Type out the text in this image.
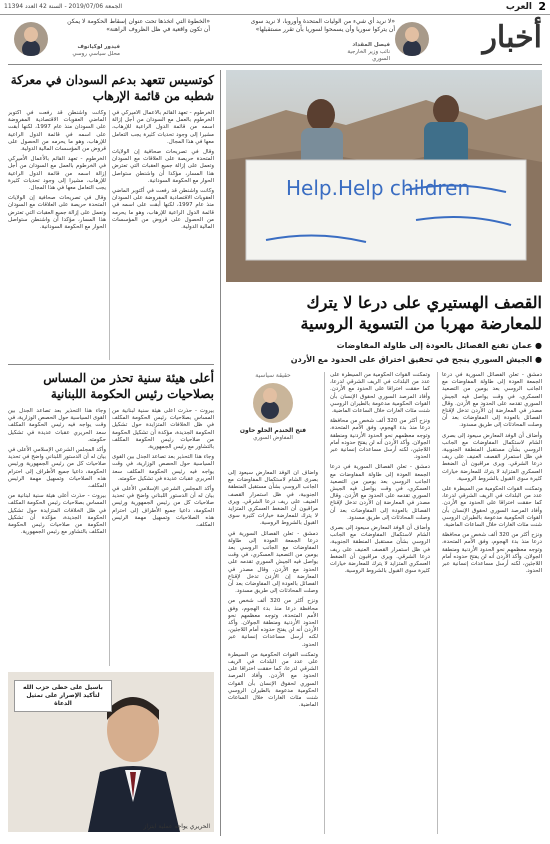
2
العرب
الجمعة 2019/07/06 - السنة 42 العدد 11394
أخبار
«لا نريد أي شيء من الوليات المتحدة وأوروبا، لا نريد سوى أن يتركوا سوريا وأن يسمحوا لسوريا بأن تقرر مستقبلها»
فيصل المقداد
نائب وزير الخارجية السوري
«الخطوة التي اتخذها تحت عنوان إسقاط الحكومة لا يمكن أن تكون واقعية في ظل الظروف الراهنة»
فيدور لوكيانوف
محلل سياسي روسي
Help.Help children
القصف الهستيري على درعا لا يترك للمعارضة مهربا من التسوية الروسية
● عمان تقنع الفصائل بالعودة إلى طاولة المفاوضات
● الجيش السوري ينجح في تحقيق اختراق على الحدود مع الأردن

دمشق - تعلن الفصائل السورية في درعا الجمعة العودة إلى طاولة المفاوضات مع الجانب الروسي بعد يومين من التصعيد العسكري، في وقت يواصل فيه الجيش السوري تقدمه على الحدود مع الأردن. وقال مصدر في المعارضة إن الأردن تدخل لإقناع الفصائل بالعودة إلى المفاوضات بعد أن وصلت المحادثات إلى طريق مسدود.

وأضاف أن الوفد المعارض سيعود إلى بصرى الشام لاستكمال المفاوضات مع الجانب الروسي بشأن مستقبل المنطقة الجنوبية، في ظل استمرار القصف العنيف على ريف درعا الشرقي. ويرى مراقبون أن الضغط العسكري المتزايد لا يترك للمعارضة خيارات كثيرة سوى القبول بالشروط الروسية.

وتمكنت القوات الحكومية من السيطرة على عدد من البلدات في الريف الشرقي لدرعا، كما حققت اختراقا على الحدود مع الأردن. وأفاد المرصد السوري لحقوق الإنسان بأن القوات الحكومية مدعومة بالطيران الروسي شنت مئات الغارات خلال الساعات الماضية.

ونزح أكثر من 320 ألف شخص من محافظة درعا منذ بدء الهجوم، وفق الأمم المتحدة، وتوجه معظمهم نحو الحدود الأردنية ومنطقة الجولان. وأكد الأردن أنه لن يفتح حدوده أمام اللاجئين، لكنه أرسل مساعدات إنسانية عبر الحدود.

وتمكنت القوات الحكومية من السيطرة على عدد من البلدات في الريف الشرقي لدرعا، كما حققت اختراقا على الحدود مع الأردن. وأفاد المرصد السوري لحقوق الإنسان بأن القوات الحكومية مدعومة بالطيران الروسي شنت مئات الغارات خلال الساعات الماضية.

ونزح أكثر من 320 ألف شخص من محافظة درعا منذ بدء الهجوم، وفق الأمم المتحدة، وتوجه معظمهم نحو الحدود الأردنية ومنطقة الجولان. وأكد الأردن أنه لن يفتح حدوده أمام اللاجئين، لكنه أرسل مساعدات إنسانية عبر الحدود.

دمشق - تعلن الفصائل السورية في درعا الجمعة العودة إلى طاولة المفاوضات مع الجانب الروسي بعد يومين من التصعيد العسكري، في وقت يواصل فيه الجيش السوري تقدمه على الحدود مع الأردن. وقال مصدر في المعارضة إن الأردن تدخل لإقناع الفصائل بالعودة إلى المفاوضات بعد أن وصلت المحادثات إلى طريق مسدود.

وأضاف أن الوفد المعارض سيعود إلى بصرى الشام لاستكمال المفاوضات مع الجانب الروسي بشأن مستقبل المنطقة الجنوبية، في ظل استمرار القصف العنيف على ريف درعا الشرقي. ويرى مراقبون أن الضغط العسكري المتزايد لا يترك للمعارضة خيارات كثيرة سوى القبول بالشروط الروسية.

حقيقة سياسية
فتح الخندم الحلو حاون
المفاوض السوري

وأضاف أن الوفد المعارض سيعود إلى بصرى الشام لاستكمال المفاوضات مع الجانب الروسي بشأن مستقبل المنطقة الجنوبية، في ظل استمرار القصف العنيف على ريف درعا الشرقي. ويرى مراقبون أن الضغط العسكري المتزايد لا يترك للمعارضة خيارات كثيرة سوى القبول بالشروط الروسية.

دمشق - تعلن الفصائل السورية في درعا الجمعة العودة إلى طاولة المفاوضات مع الجانب الروسي بعد يومين من التصعيد العسكري، في وقت يواصل فيه الجيش السوري تقدمه على الحدود مع الأردن. وقال مصدر في المعارضة إن الأردن تدخل لإقناع الفصائل بالعودة إلى المفاوضات بعد أن وصلت المحادثات إلى طريق مسدود.

ونزح أكثر من 320 ألف شخص من محافظة درعا منذ بدء الهجوم، وفق الأمم المتحدة، وتوجه معظمهم نحو الحدود الأردنية ومنطقة الجولان. وأكد الأردن أنه لن يفتح حدوده أمام اللاجئين، لكنه أرسل مساعدات إنسانية عبر الحدود.

وتمكنت القوات الحكومية من السيطرة على عدد من البلدات في الريف الشرقي لدرعا، كما حققت اختراقا على الحدود مع الأردن. وأفاد المرصد السوري لحقوق الإنسان بأن القوات الحكومية مدعومة بالطيران الروسي شنت مئات الغارات خلال الساعات الماضية.

كوتسيس تتعهد بدعم السودان في معركة شطبه من قائمة الإرهاب

الخرطوم - تعهد القائم بالأعمال الأميركي في الخرطوم بالعمل مع السودان من أجل إزالة اسمه من قائمة الدول الراعية للإرهاب، مشيرا إلى وجود تحديات كثيرة يجب التعامل معها في هذا المجال.

وقال في تصريحات صحافية إن الولايات المتحدة حريصة على العلاقات مع السودان وتعمل على إزالة جميع العقبات التي تعترض هذا المسار، مؤكدا أن واشنطن ستواصل الحوار مع الحكومة السودانية.

وكانت واشنطن قد رفعت في أكتوبر الماضي العقوبات الاقتصادية المفروضة على السودان منذ عام 1997، لكنها أبقت على اسمه في قائمة الدول الراعية للإرهاب، وهو ما يحرمه من الحصول على قروض من المؤسسات المالية الدولية.

وكانت واشنطن قد رفعت في أكتوبر الماضي العقوبات الاقتصادية المفروضة على السودان منذ عام 1997، لكنها أبقت على اسمه في قائمة الدول الراعية للإرهاب، وهو ما يحرمه من الحصول على قروض من المؤسسات المالية الدولية.

الخرطوم - تعهد القائم بالأعمال الأميركي في الخرطوم بالعمل مع السودان من أجل إزالة اسمه من قائمة الدول الراعية للإرهاب، مشيرا إلى وجود تحديات كثيرة يجب التعامل معها في هذا المجال.

وقال في تصريحات صحافية إن الولايات المتحدة حريصة على العلاقات مع السودان وتعمل على إزالة جميع العقبات التي تعترض هذا المسار، مؤكدا أن واشنطن ستواصل الحوار مع الحكومة السودانية.

أعلى هيئة سنية تحذر من المساس بصلاحيات رئيس الحكومة اللبنانية

بيروت - حذرت أعلى هيئة سنية لبنانية من المساس بصلاحيات رئيس الحكومة المكلف في ظل الخلافات المتزايدة حول تشكيل الحكومة الجديدة، مؤكدة أن تشكيل الحكومة من صلاحيات رئيس الحكومة المكلف بالتشاور مع رئيس الجمهورية.

وجاء هذا التحذير بعد تصاعد الجدل بين القوى السياسية حول الحصص الوزارية، في وقت يواجه فيه رئيس الحكومة المكلف سعد الحريري عقبات عديدة في تشكيل حكومته.

وأكد المجلس الشرعي الإسلامي الأعلى في بيان له أن الدستور اللبناني واضح في تحديد صلاحيات كل من رئيس الجمهورية ورئيس الحكومة، داعيا جميع الأطراف إلى احترام هذه الصلاحيات وتسهيل مهمة الرئيس المكلف.

وجاء هذا التحذير بعد تصاعد الجدل بين القوى السياسية حول الحصص الوزارية، في وقت يواجه فيه رئيس الحكومة المكلف سعد الحريري عقبات عديدة في تشكيل حكومته.

وأكد المجلس الشرعي الإسلامي الأعلى في بيان له أن الدستور اللبناني واضح في تحديد صلاحيات كل من رئيس الجمهورية ورئيس الحكومة، داعيا جميع الأطراف إلى احترام هذه الصلاحيات وتسهيل مهمة الرئيس المكلف.

بيروت - حذرت أعلى هيئة سنية لبنانية من المساس بصلاحيات رئيس الحكومة المكلف في ظل الخلافات المتزايدة حول تشكيل الحكومة الجديدة، مؤكدة أن تشكيل الحكومة من صلاحيات رئيس الحكومة المكلف بالتشاور مع رئيس الجمهورية.

باسيل على خطى حزب الله لتأكيد الإصرار على تمثيل الدعاة
الحريري يواجه عملية ابتزاز
